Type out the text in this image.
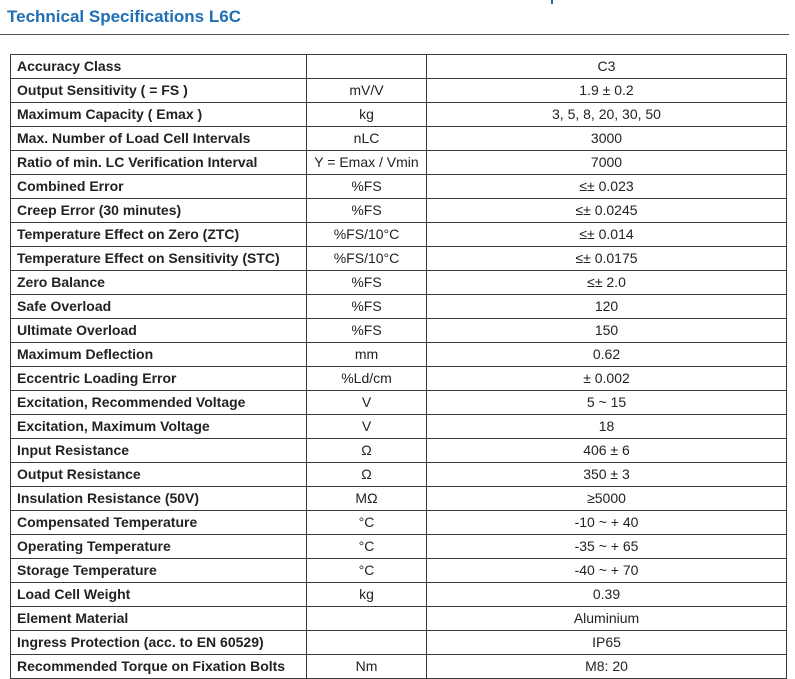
Technical Specifications L6C
Accuracy Class		C3
Output Sensitivity ( = FS )	mV/V	1.9 ± 0.2
Maximum Capacity ( Emax )	kg	3, 5, 8, 20, 30, 50
Max. Number of Load Cell Intervals	nLC	3000
Ratio of min. LC Verification Interval	Y = Emax / Vmin	7000
Combined Error	%FS	≤± 0.023
Creep Error (30 minutes)	%FS	≤± 0.0245
Temperature Effect on Zero (ZTC)	%FS/10°C	≤± 0.014
Temperature Effect on Sensitivity (STC)	%FS/10°C	≤± 0.0175
Zero Balance	%FS	≤± 2.0
Safe Overload	%FS	120
Ultimate Overload	%FS	150
Maximum Deflection	mm	0.62
Eccentric Loading Error	%Ld/cm	± 0.002
Excitation, Recommended Voltage	V	5 ~ 15
Excitation, Maximum Voltage	V	18
Input Resistance	Ω	406 ± 6
Output Resistance	Ω	350 ± 3
Insulation Resistance (50V)	MΩ	≥5000
Compensated Temperature	°C	-10 ~ + 40
Operating Temperature	°C	-35 ~ + 65
Storage Temperature	°C	-40 ~ + 70
Load Cell Weight	kg	0.39
Element Material		Aluminium
Ingress Protection (acc. to EN 60529)		IP65
Recommended Torque on Fixation Bolts	Nm	M8: 20
